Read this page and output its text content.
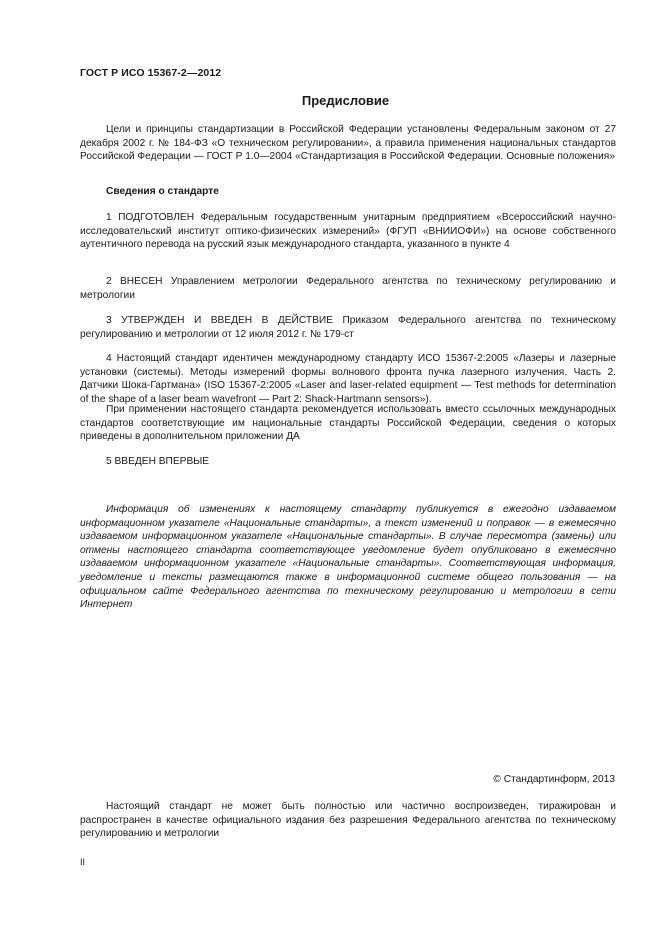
ГОСТ Р ИСО 15367-2—2012
Предисловие

Цели и принципы стандартизации в Российской Федерации установлены Федеральным законом от 27 декабря 2002 г. № 184-ФЗ «О техническом регулировании», а правила применения национальных стандартов Российской Федерации — ГОСТ Р 1.0—2004 «Стандартизация в Российской Федерации. Основные положения»

Сведения о стандарте

1 ПОДГОТОВЛЕН Федеральным государственным унитарным предприятием «Всероссийский научно-исследовательский институт оптико-физических измерений» (ФГУП «ВНИИОФИ») на основе собственного аутентичного перевода на русский язык международного стандарта, указанного в пункте 4

2 ВНЕСЕН Управлением метрологии Федерального агентства по техническому регулированию и метрологии

3 УТВЕРЖДЕН И ВВЕДЕН В ДЕЙСТВИЕ Приказом Федерального агентства по техническому регулированию и метрологии от 12 июля 2012 г. № 179-ст

4 Настоящий стандарт идентичен международному стандарту ИСО 15367-2:2005 «Лазеры и лазерные установки (системы). Методы измерений формы волнового фронта пучка лазерного излучения. Часть 2. Датчики Шока-Гартмана» (ISO 15367-2:2005 «Laser and laser-related equipment — Test methods for determination of the shape of a laser beam wavefront — Part 2: Shack-Hartmann sensors»).

При применении настоящего стандарта рекомендуется использовать вместо ссылочных международных стандартов соответствующие им национальные стандарты Российской Федерации, сведения о которых приведены в дополнительном приложении ДА

5 ВВЕДЕН ВПЕРВЫЕ

Информация об изменениях к настоящему стандарту публикуется в ежегодно издаваемом информационном указателе «Национальные стандарты», а текст изменений и поправок — в ежемесячно издаваемом информационном указателе «Национальные стандарты». В случае пересмотра (замены) или отмены настоящего стандарта соответствующее уведомление будет опубликовано в ежемесячно издаваемом информационном указателе «Национальные стандарты». Соответствующая информация, уведомление и тексты размещаются также в информационной системе общего пользования — на официальном сайте Федерального агентства по техническому регулированию и метрологии в сети Интернет

© Стандартинформ, 2013

Настоящий стандарт не может быть полностью или частично воспроизведен, тиражирован и распространен в качестве официального издания без разрешения Федерального агентства по техническому регулированию и метрологии

II
